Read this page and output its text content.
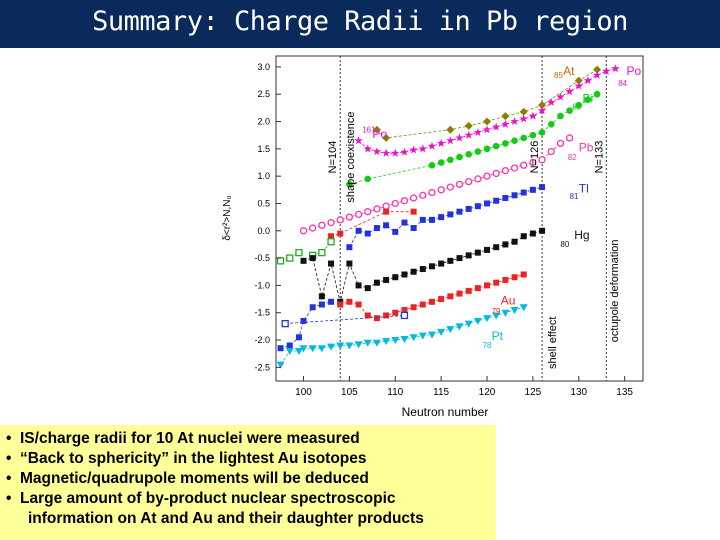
Summary: Charge Radii in Pb region
100	105	110	115	120	125	130	135
3.0
2.5
2.0
1.5
1.0
0.5
0.0
-0.5
-1.0
-1.5
-2.0
-2.5
N=104	N=126	N=133
shape coexistence
shell effect
octupole deformation
85 At	Po
84
Bi
83
Pb
82
Tl
81
Hg
80
Au
79
Pt
78
161
Po
Neutron number
δ<r²>N,N₀
• IS/charge radii for 10 At nuclei were measured
• “Back to sphericity” in the lightest Au isotopes
• Magnetic/quadrupole moments will be deduced
• Large amount of by-product nuclear spectroscopic
information on At and Au and their daughter products
